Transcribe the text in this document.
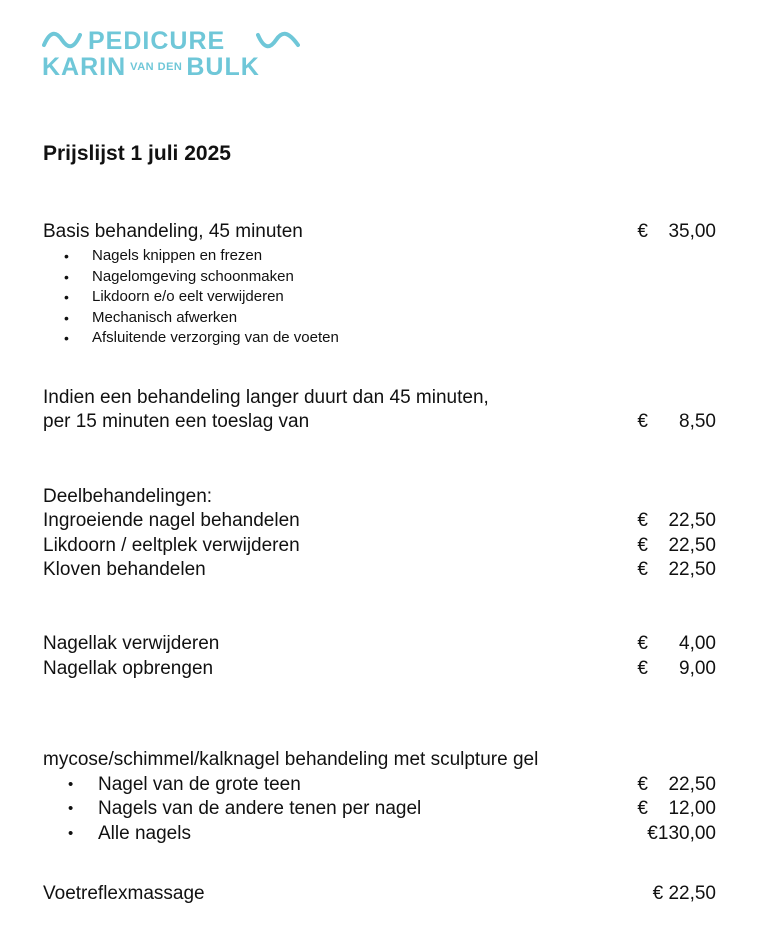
PEDICURE
KARIN $^{VAN DEN}$ BULK
Prijslijst 1 juli 2025
Basis behandeling, 45 minuten	€ 35,00
• Nagels knippen en frezen
• Nagelomgeving schoonmaken
• Likdoorn e/o eelt verwijderen
• Mechanisch afwerken
• Afsluitende verzorging van de voeten
Indien een behandeling langer duurt dan 45 minuten,
per 15 minuten een toeslag van	€ 8,50
Deelbehandelingen:
Ingroeiende nagel behandelen	€ 22,50
Likdoorn / eeltplek verwijderen	€ 22,50
Kloven behandelen	€ 22,50
Nagellak verwijderen	€ 4,00
Nagellak opbrengen	€ 9,00
mycose/schimmel/kalknagel behandeling met sculpture gel
• Nagel van de grote teen	€ 22,50
• Nagels van de andere tenen per nagel	€ 12,00
• Alle nagels	€130,00
Voetreflexmassage	€ 22,50
